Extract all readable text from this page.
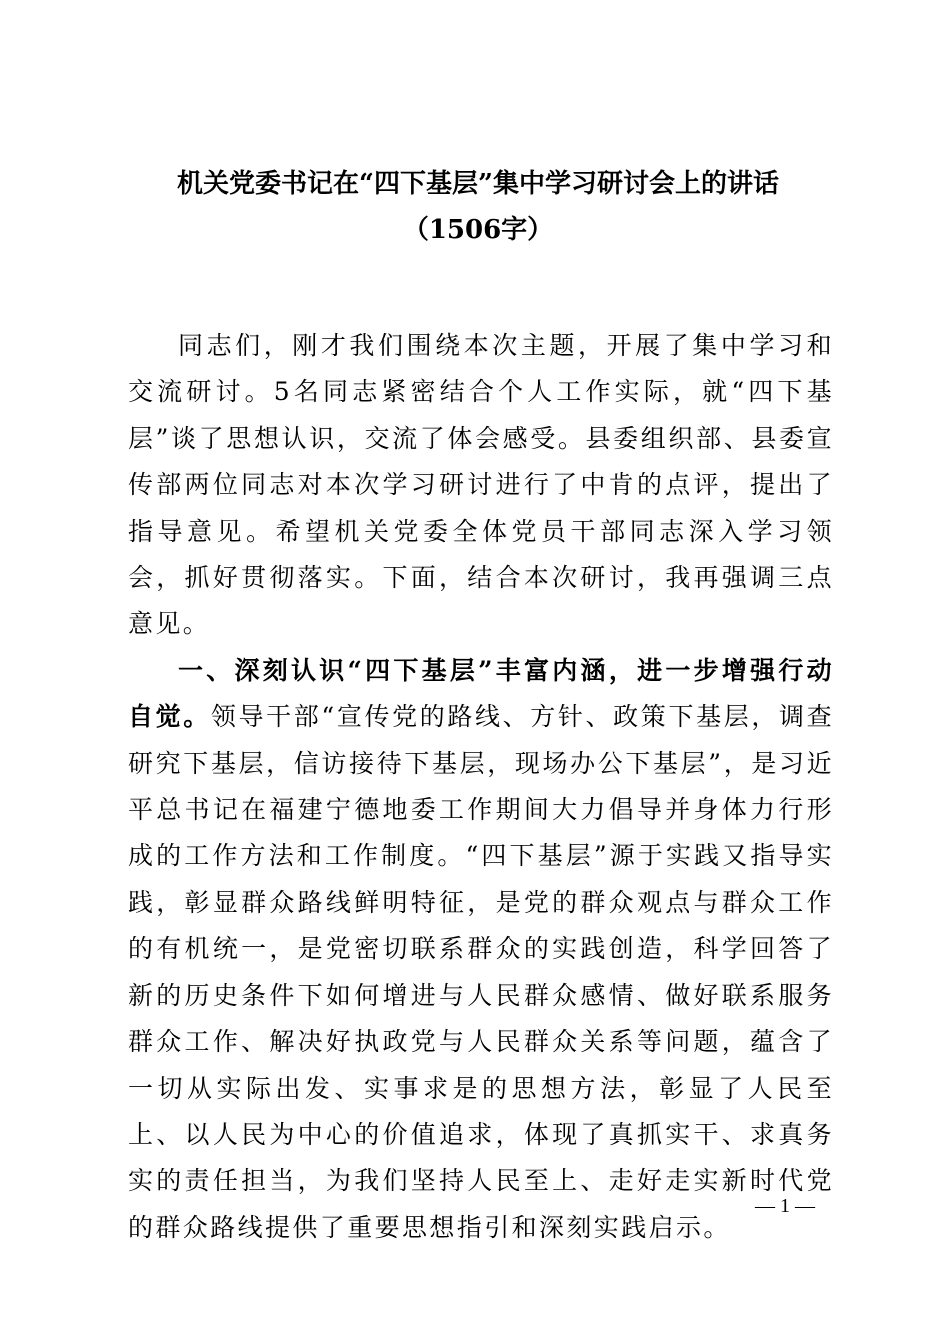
机关党委书记在“四下基层”集中学习研讨会上的讲话（1506字）

同志们，刚才我们围绕本次主题，开展了集中学习和交流研讨。5名同志紧密结合个人工作实际，就“四下基层”谈了思想认识，交流了体会感受。县委组织部、县委宣传部两位同志对本次学习研讨进行了中肯的点评，提出了指导意见。希望机关党委全体党员干部同志深入学习领会，抓好贯彻落实。下面，结合本次研讨，我再强调三点意见。

一、深刻认识“四下基层”丰富内涵，进一步增强行动自觉。领导干部“宣传党的路线、方针、政策下基层，调查研究下基层，信访接待下基层，现场办公下基层”，是习近平总书记在福建宁德地委工作期间大力倡导并身体力行形成的工作方法和工作制度。“四下基层”源于实践又指导实践，彰显群众路线鲜明特征，是党的群众观点与群众工作的有机统一，是党密切联系群众的实践创造，科学回答了新的历史条件下如何增进与人民群众感情、做好联系服务群众工作、解决好执政党与人民群众关系等问题，蕴含了一切从实际出发、实事求是的思想方法，彰显了人民至上、以人民为中心的价值追求，体现了真抓实干、求真务实的责任担当，为我们坚持人民至上、走好走实新时代党的群众路线提供了重要思想指引和深刻实践启示。

— 1 —
